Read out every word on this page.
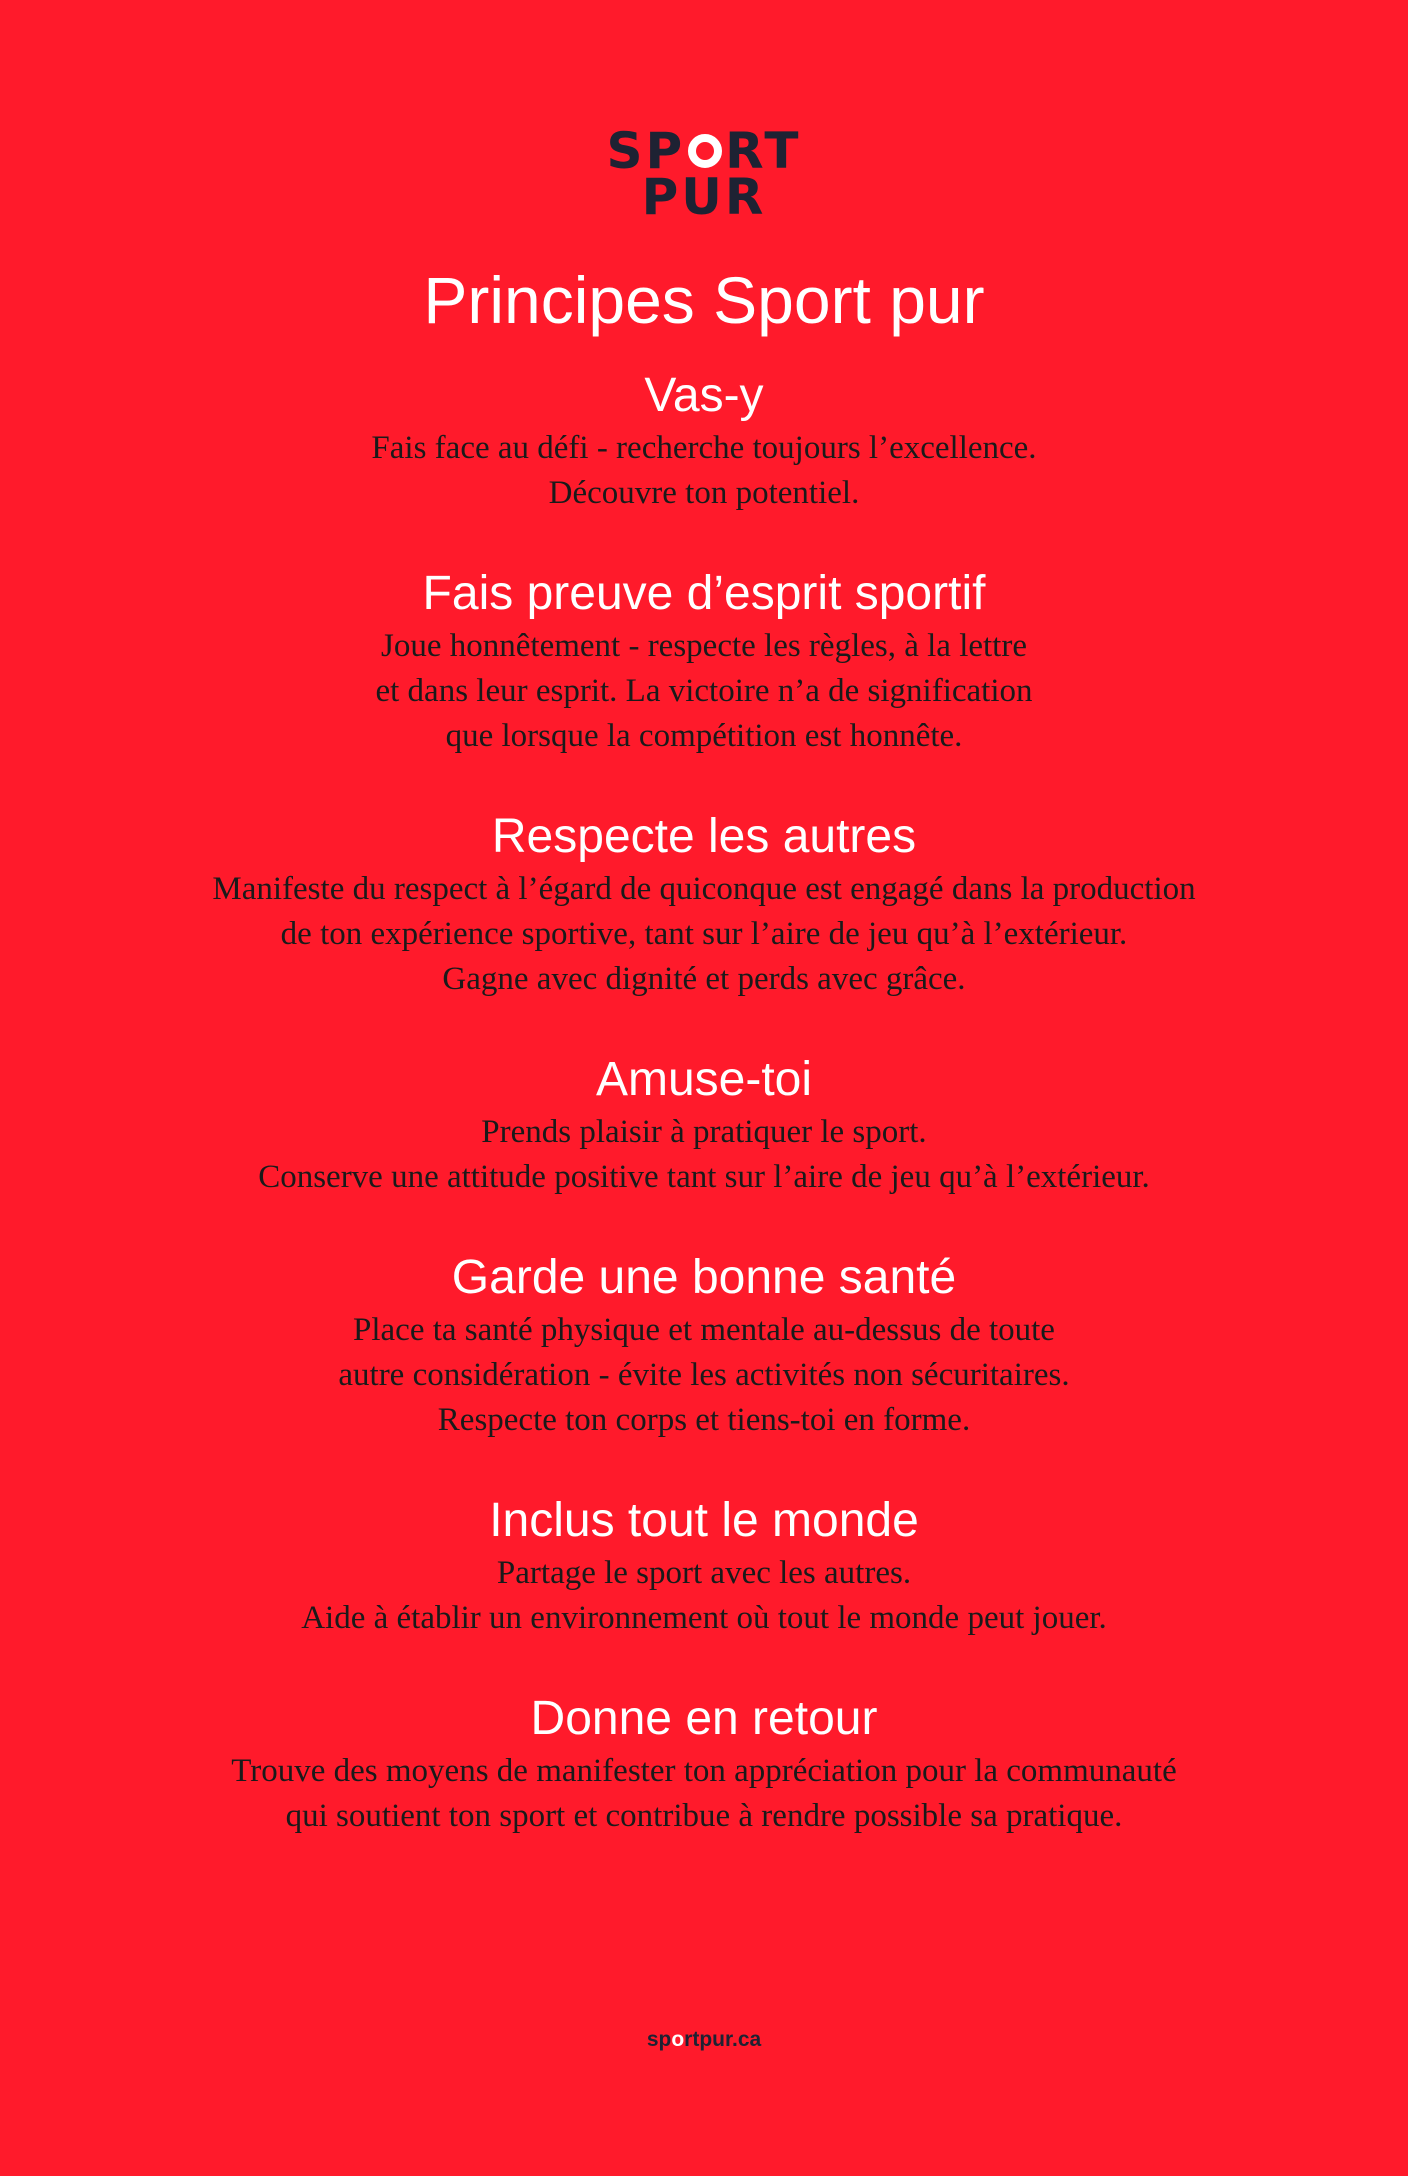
SP RT
PUR
Principes Sport pur
Vas-y
Fais face au défi - recherche toujours l’excellence.
Découvre ton potentiel.
Fais preuve d’esprit sportif
Joue honnêtement - respecte les règles, à la lettre
et dans leur esprit. La victoire n’a de signification
que lorsque la compétition est honnête.
Respecte les autres
Manifeste du respect à l’égard de quiconque est engagé dans la production
de ton expérience sportive, tant sur l’aire de jeu qu’à l’extérieur.
Gagne avec dignité et perds avec grâce.
Amuse-toi
Prends plaisir à pratiquer le sport.
Conserve une attitude positive tant sur l’aire de jeu qu’à l’extérieur.
Garde une bonne santé
Place ta santé physique et mentale au-dessus de toute
autre considération - évite les activités non sécuritaires.
Respecte ton corps et tiens-toi en forme.
Inclus tout le monde
Partage le sport avec les autres.
Aide à établir un environnement où tout le monde peut jouer.
Donne en retour
Trouve des moyens de manifester ton appréciation pour la communauté
qui soutient ton sport et contribue à rendre possible sa pratique.
sportpur.ca
